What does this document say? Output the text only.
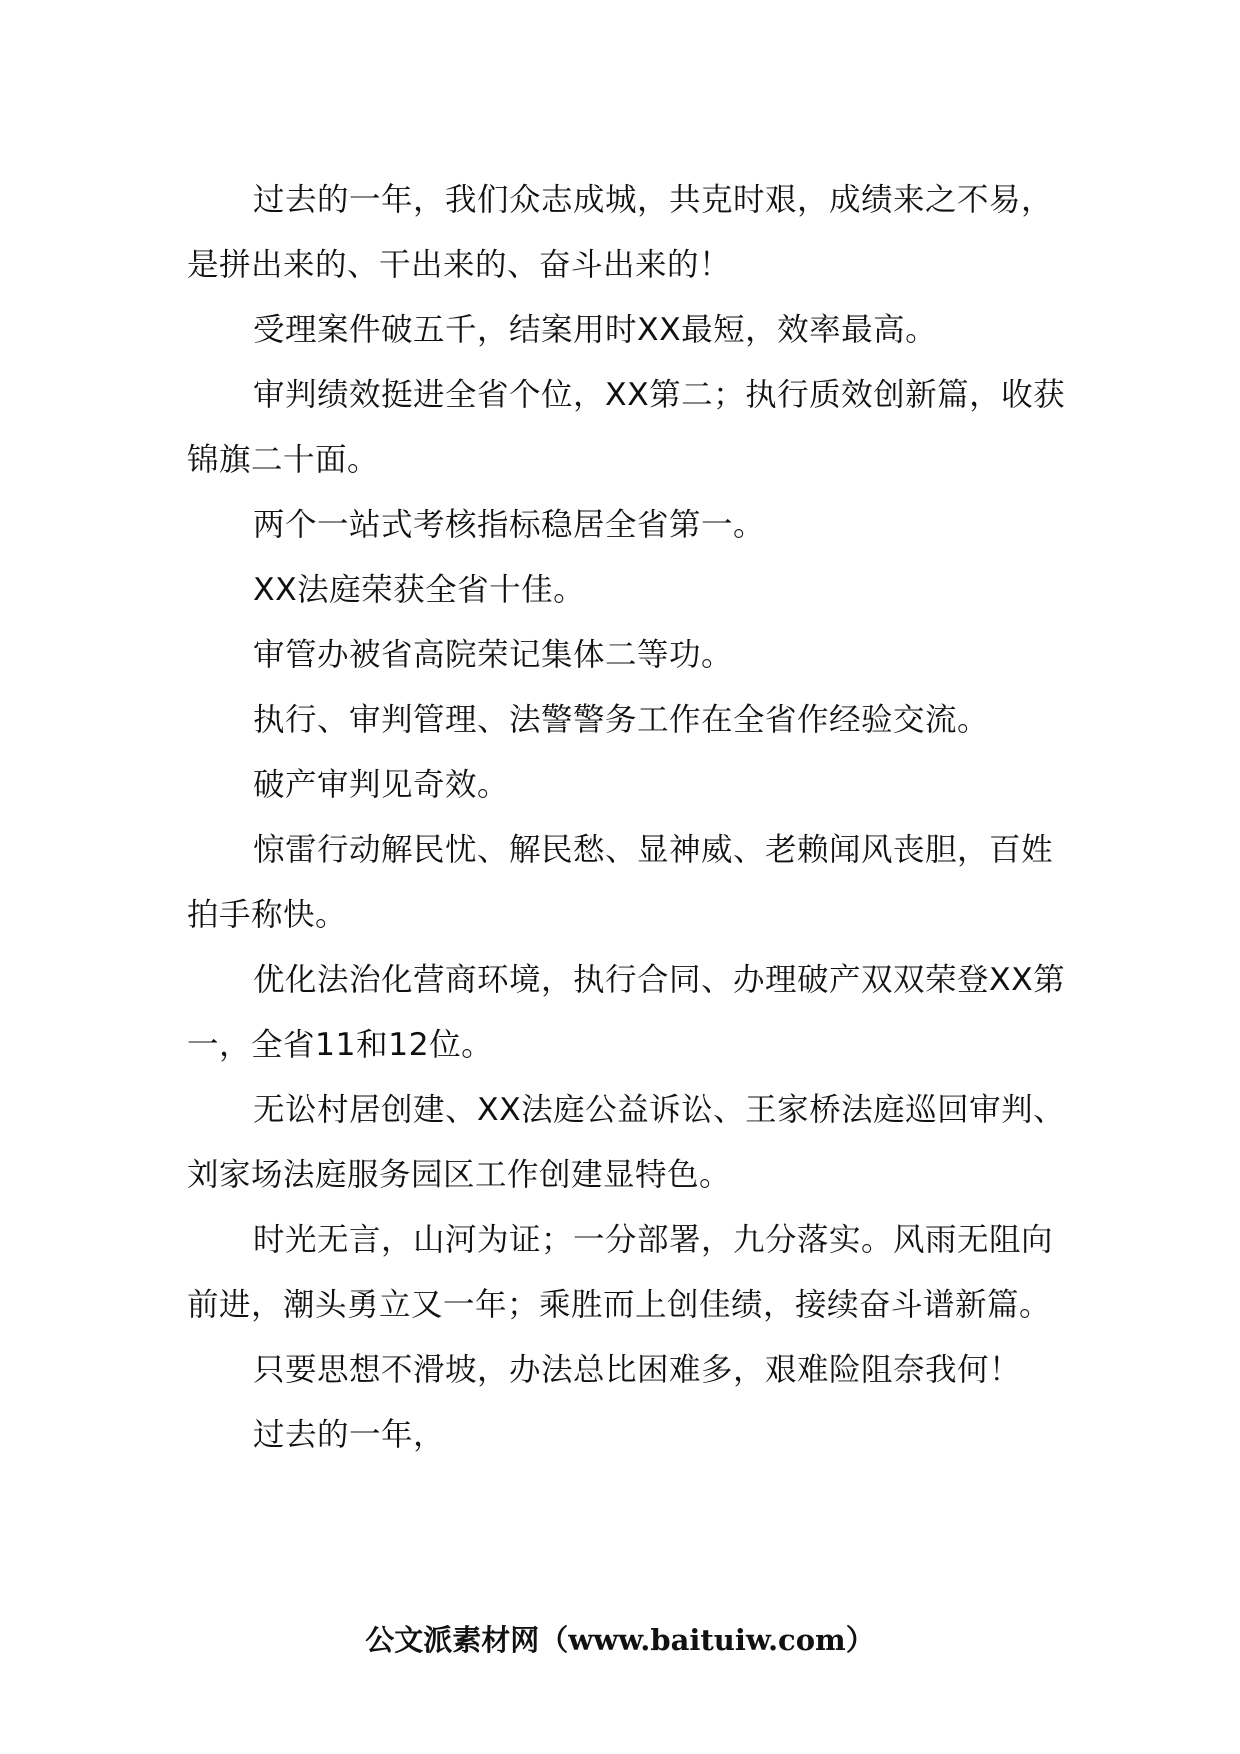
过去的一年，我们众志成城，共克时艰，成绩来之不易，是拼出来的、干出来的、奋斗出来的！

受理案件破五千，结案用时XX最短，效率最高。

审判绩效挺进全省个位，XX第二；执行质效创新篇，收获锦旗二十面。

两个一站式考核指标稳居全省第一。

XX法庭荣获全省十佳。

审管办被省高院荣记集体二等功。

执行、审判管理、法警警务工作在全省作经验交流。

破产审判见奇效。

惊雷行动解民忧、解民愁、显神威、老赖闻风丧胆，百姓拍手称快。

优化法治化营商环境，执行合同、办理破产双双荣登XX第一，全省11和12位。

无讼村居创建、XX法庭公益诉讼、王家桥法庭巡回审判、刘家场法庭服务园区工作创建显特色。

时光无言，山河为证；一分部署，九分落实。风雨无阻向前进，潮头勇立又一年；乘胜而上创佳绩，接续奋斗谱新篇。

只要思想不滑坡，办法总比困难多，艰难险阻奈我何！

过去的一年，

公文派素材网（www.baituiw.com）
